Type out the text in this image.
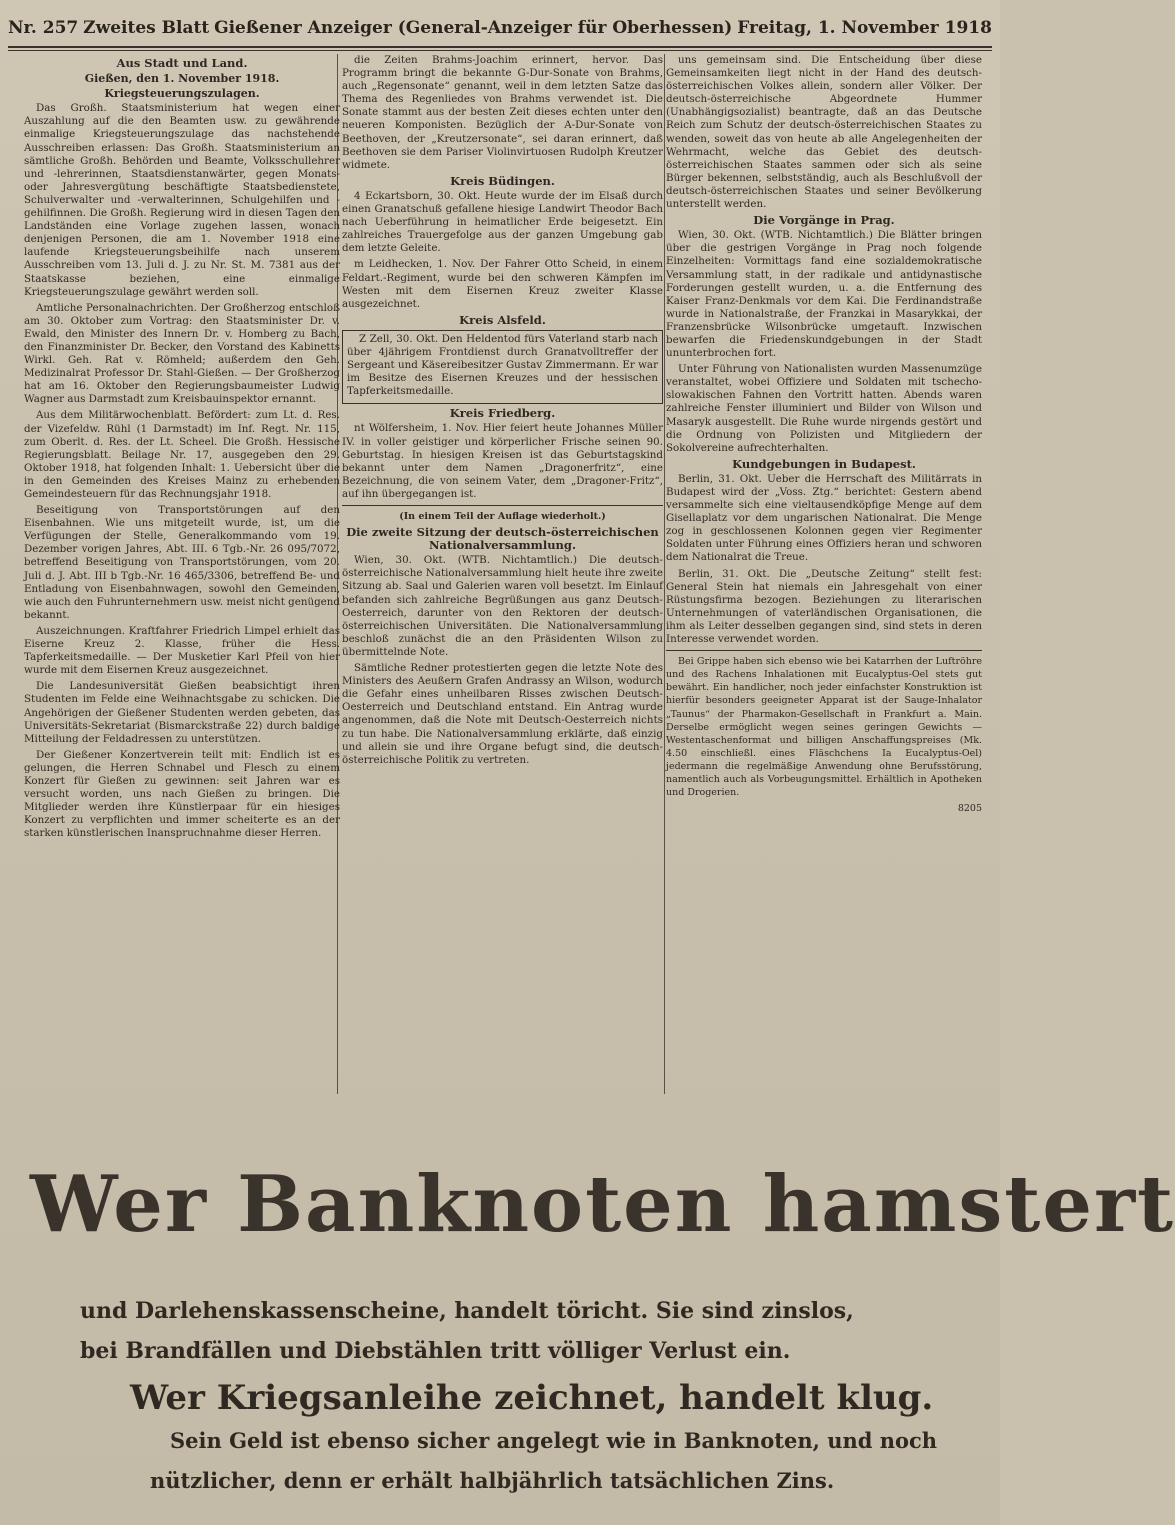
Nr. 257 Zweites Blatt Gießener Anzeiger (General-Anzeiger für Oberhessen) Freitag, 1. November 1918
Aus Stadt und Land.
Gießen, den 1. November 1918.
Kriegsteuerungszulagen.

Das Großh. Staatsministerium hat wegen einer Auszahlung auf die den Beamten usw. zu gewährende einmalige Kriegsteuerungszulage das nachstehende Ausschreiben erlassen: Das Großh. Staatsministerium an sämtliche Großh. Behörden und Beamte, Volksschullehrer und -lehrerinnen, Staatsdienstanwärter, gegen Monats- oder Jahresvergütung beschäftigte Staatsbedienstete, Schulverwalter und -verwalterinnen, Schulgehilfen und -gehilfinnen. Die Großh. Regierung wird in diesen Tagen den Landständen eine Vorlage zugehen lassen, wonach denjenigen Personen, die am 1. November 1918 eine laufende Kriegsteuerungsbeihilfe nach unserem Ausschreiben vom 13. Juli d. J. zu Nr. St. M. 7381 aus der Staatskasse beziehen, eine einmalige Kriegsteuerungszulage gewährt werden soll.

Amtliche Personalnachrichten. Der Großherzog entschloß am 30. Oktober zum Vortrag: den Staatsminister Dr. v. Ewald, den Minister des Innern Dr. v. Homberg zu Bach, den Finanzminister Dr. Becker, den Vorstand des Kabinetts Wirkl. Geh. Rat v. Römheld; außerdem den Geh. Medizinalrat Professor Dr. Stahl-Gießen. — Der Großherzog hat am 16. Oktober den Regierungsbaumeister Ludwig Wagner aus Darmstadt zum Kreisbauinspektor ernannt.

Aus dem Militärwochenblatt. Befördert: zum Lt. d. Res. der Vizefeldw. Rühl (1 Darmstadt) im Inf. Regt. Nr. 115, zum Oberlt. d. Res. der Lt. Scheel. Die Großh. Hessische Regierungsblatt. Beilage Nr. 17, ausgegeben den 29. Oktober 1918, hat folgenden Inhalt: 1. Uebersicht über die in den Gemeinden des Kreises Mainz zu erhebenden Gemeindesteuern für das Rechnungsjahr 1918.

Beseitigung von Transportstörungen auf den Eisenbahnen. Wie uns mitgeteilt wurde, ist, um die Verfügungen der Stelle, Generalkommando vom 19. Dezember vorigen Jahres, Abt. III. 6 Tgb.-Nr. 26 095/7072, betreffend Beseitigung von Transportstörungen, vom 20. Juli d. J. Abt. III b Tgb.-Nr. 16 465/3306, betreffend Be- und Entladung von Eisenbahnwagen, sowohl den Gemeinden, wie auch den Fuhrunternehmern usw. meist nicht genügend bekannt.

Auszeichnungen. Kraftfahrer Friedrich Limpel erhielt das Eiserne Kreuz 2. Klasse, früher die Hess. Tapferkeitsmedaille. — Der Musketier Karl Pfeil von hier wurde mit dem Eisernen Kreuz ausgezeichnet.

Die Landesuniversität Gießen beabsichtigt ihren Studenten im Felde eine Weihnachtsgabe zu schicken. Die Angehörigen der Gießener Studenten werden gebeten, das Universitäts-Sekretariat (Bismarckstraße 22) durch baldige Mitteilung der Feldadressen zu unterstützen.

Der Gießener Konzertverein teilt mit: Endlich ist es gelungen, die Herren Schnabel und Flesch zu einem Konzert für Gießen zu gewinnen: seit Jahren war es versucht worden, uns nach Gießen zu bringen. Die Mitglieder werden ihre Künstlerpaar für ein hiesiges Konzert zu verpflichten und immer scheiterte es an der starken künstlerischen Inanspruchnahme dieser Herren.

die Zeiten Brahms-Joachim erinnert, hervor. Das Programm bringt die bekannte G-Dur-Sonate von Brahms, auch „Regensonate“ genannt, weil in dem letzten Satze das Thema des Regenliedes von Brahms verwendet ist. Die Sonate stammt aus der besten Zeit dieses echten unter den neueren Komponisten. Bezüglich der A-Dur-Sonate von Beethoven, der „Kreutzersonate“, sei daran erinnert, daß Beethoven sie dem Pariser Violinvirtuosen Rudolph Kreutzer widmete.

Kreis Büdingen.

4 Eckartsborn, 30. Okt. Heute wurde der im Elsaß durch einen Granatschuß gefallene hiesige Landwirt Theodor Bach nach Ueberführung in heimatlicher Erde beigesetzt. Ein zahlreiches Trauergefolge aus der ganzen Umgebung gab dem letzte Geleite.

m Leidhecken, 1. Nov. Der Fahrer Otto Scheid, in einem Feldart.-Regiment, wurde bei den schweren Kämpfen im Westen mit dem Eisernen Kreuz zweiter Klasse ausgezeichnet.

Kreis Alsfeld.

Z Zell, 30. Okt. Den Heldentod fürs Vaterland starb nach über 4jährigem Frontdienst durch Granatvolltreffer der Sergeant und Käsereibesitzer Gustav Zimmermann. Er war im Besitze des Eisernen Kreuzes und der hessischen Tapferkeitsmedaille.

Kreis Friedberg.

nt Wölfersheim, 1. Nov. Hier feiert heute Johannes Müller IV. in voller geistiger und körperlicher Frische seinen 90. Geburtstag. In hiesigen Kreisen ist das Geburtstagskind bekannt unter dem Namen „Dragonerfritz“, eine Bezeichnung, die von seinem Vater, dem „Dragoner-Fritz“, auf ihn übergegangen ist.

(In einem Teil der Auflage wiederholt.)
Die zweite Sitzung der deutsch-österreichischen Nationalversammlung.

Wien, 30. Okt. (WTB. Nichtamtlich.) Die deutsch-österreichische Nationalversammlung hielt heute ihre zweite Sitzung ab. Saal und Galerien waren voll besetzt. Im Einlauf befanden sich zahlreiche Begrüßungen aus ganz Deutsch-Oesterreich, darunter von den Rektoren der deutsch-österreichischen Universitäten. Die Nationalversammlung beschloß zunächst die an den Präsidenten Wilson zu übermittelnde Note.

Sämtliche Redner protestierten gegen die letzte Note des Ministers des Aeußern Grafen Andrassy an Wilson, wodurch die Gefahr eines unheilbaren Risses zwischen Deutsch-Oesterreich und Deutschland entstand. Ein Antrag wurde angenommen, daß die Note mit Deutsch-Oesterreich nichts zu tun habe. Die Nationalversammlung erklärte, daß einzig und allein sie und ihre Organe befugt sind, die deutsch-österreichische Politik zu vertreten.

uns gemeinsam sind. Die Entscheidung über diese Gemeinsamkeiten liegt nicht in der Hand des deutsch-österreichischen Volkes allein, sondern aller Völker. Der deutsch-österreichische Abgeordnete Hummer (Unabhängigsozialist) beantragte, daß an das Deutsche Reich zum Schutz der deutsch-österreichischen Staates zu wenden, soweit das von heute ab alle Angelegenheiten der Wehrmacht, welche das Gebiet des deutsch-österreichischen Staates sammen oder sich als seine Bürger bekennen, selbstständig, auch als Beschlußvoll der deutsch-österreichischen Staates und seiner Bevölkerung unterstellt werden.

Die Vorgänge in Prag.

Wien, 30. Okt. (WTB. Nichtamtlich.) Die Blätter bringen über die gestrigen Vorgänge in Prag noch folgende Einzelheiten: Vormittags fand eine sozialdemokratische Versammlung statt, in der radikale und antidynastische Forderungen gestellt wurden, u. a. die Entfernung des Kaiser Franz-Denkmals vor dem Kai. Die Ferdinandstraße wurde in Nationalstraße, der Franzkai in Masarykkai, der Franzensbrücke Wilsonbrücke umgetauft. Inzwischen bewarfen die Friedenskundgebungen in der Stadt ununterbrochen fort.

Unter Führung von Nationalisten wurden Massenumzüge veranstaltet, wobei Offiziere und Soldaten mit tschecho-slowakischen Fahnen den Vortritt hatten. Abends waren zahlreiche Fenster illuminiert und Bilder von Wilson und Masaryk ausgestellt. Die Ruhe wurde nirgends gestört und die Ordnung von Polizisten und Mitgliedern der Sokolvereine aufrechterhalten.

Kundgebungen in Budapest.

Berlin, 31. Okt. Ueber die Herrschaft des Militärrats in Budapest wird der „Voss. Ztg.“ berichtet: Gestern abend versammelte sich eine vieltausendköpfige Menge auf dem Gisellaplatz vor dem ungarischen Nationalrat. Die Menge zog in geschlossenen Kolonnen gegen vier Regimenter Soldaten unter Führung eines Offiziers heran und schworen dem Nationalrat die Treue.

Berlin, 31. Okt. Die „Deutsche Zeitung“ stellt fest: General Stein hat niemals ein Jahresgehalt von einer Rüstungsfirma bezogen. Beziehungen zu literarischen Unternehmungen of vaterländischen Organisationen, die ihm als Leiter desselben gegangen sind, sind stets in deren Interesse verwendet worden.

Bei Grippe haben sich ebenso wie bei Katarrhen der Luftröhre und des Rachens Inhalationen mit Eucalyptus-Oel stets gut bewährt. Ein handlicher, noch jeder einfachster Konstruktion ist hierfür besonders geeigneter Apparat ist der Sauge-Inhalator „Taunus“ der Pharmakon-Gesellschaft in Frankfurt a. Main. Derselbe ermöglicht wegen seines geringen Gewichts — Westentaschenformat und billigen Anschaffungspreises (Mk. 4.50 einschließl. eines Fläschchens Ia Eucalyptus-Oel) jedermann die regelmäßige Anwendung ohne Berufsstörung, namentlich auch als Vorbeugungsmittel. Erhältlich in Apotheken und Drogerien.

8205
Wer Banknoten hamstert
und Darlehenskassenscheine, handelt töricht. Sie sind zinslos,
bei Brandfällen und Diebstählen tritt völliger Verlust ein.
Wer Kriegsanleihe zeichnet, handelt klug.
Sein Geld ist ebenso sicher angelegt wie in Banknoten, und noch
nützlicher, denn er erhält halbjährlich tatsächlichen Zins.
